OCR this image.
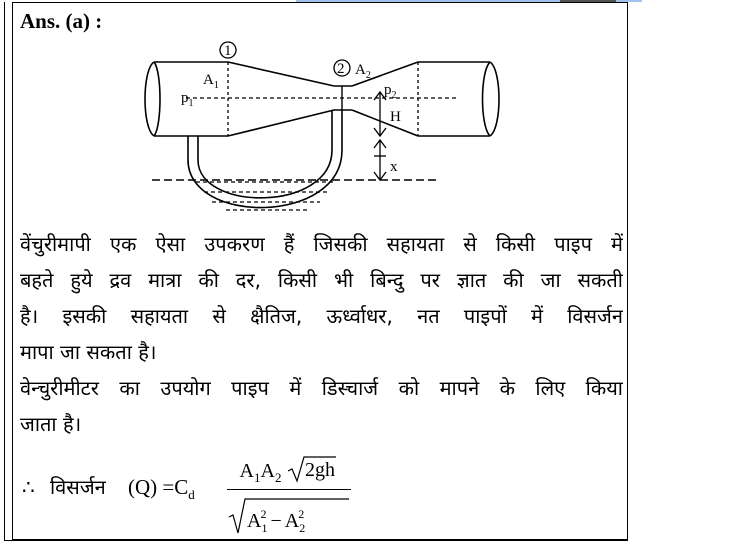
Ans. (a) :
1
2
$A_1$
$A_2$
$p_1$
$p_2$
H
x
वेंचुरीमापी एक ऐसा उपकरण हैं जिसकी सहायता से किसी पाइप में
बहते हुये द्रव मात्रा की दर, किसी भी बिन्दु पर ज्ञात की जा सकती
है। इसकी सहायता से क्षैतिज, ऊर्ध्वाधर, नत पाइपों में विसर्जन
मापा जा सकता है।
वेन्चुरीमीटर का उपयोग पाइप में डिस्चार्ज को मापने के लिए किया
जाता है।
∴ विसर्जन $(Q) =C_d$
$A_1A_2$ 2gh
$A_12 - A_22$
